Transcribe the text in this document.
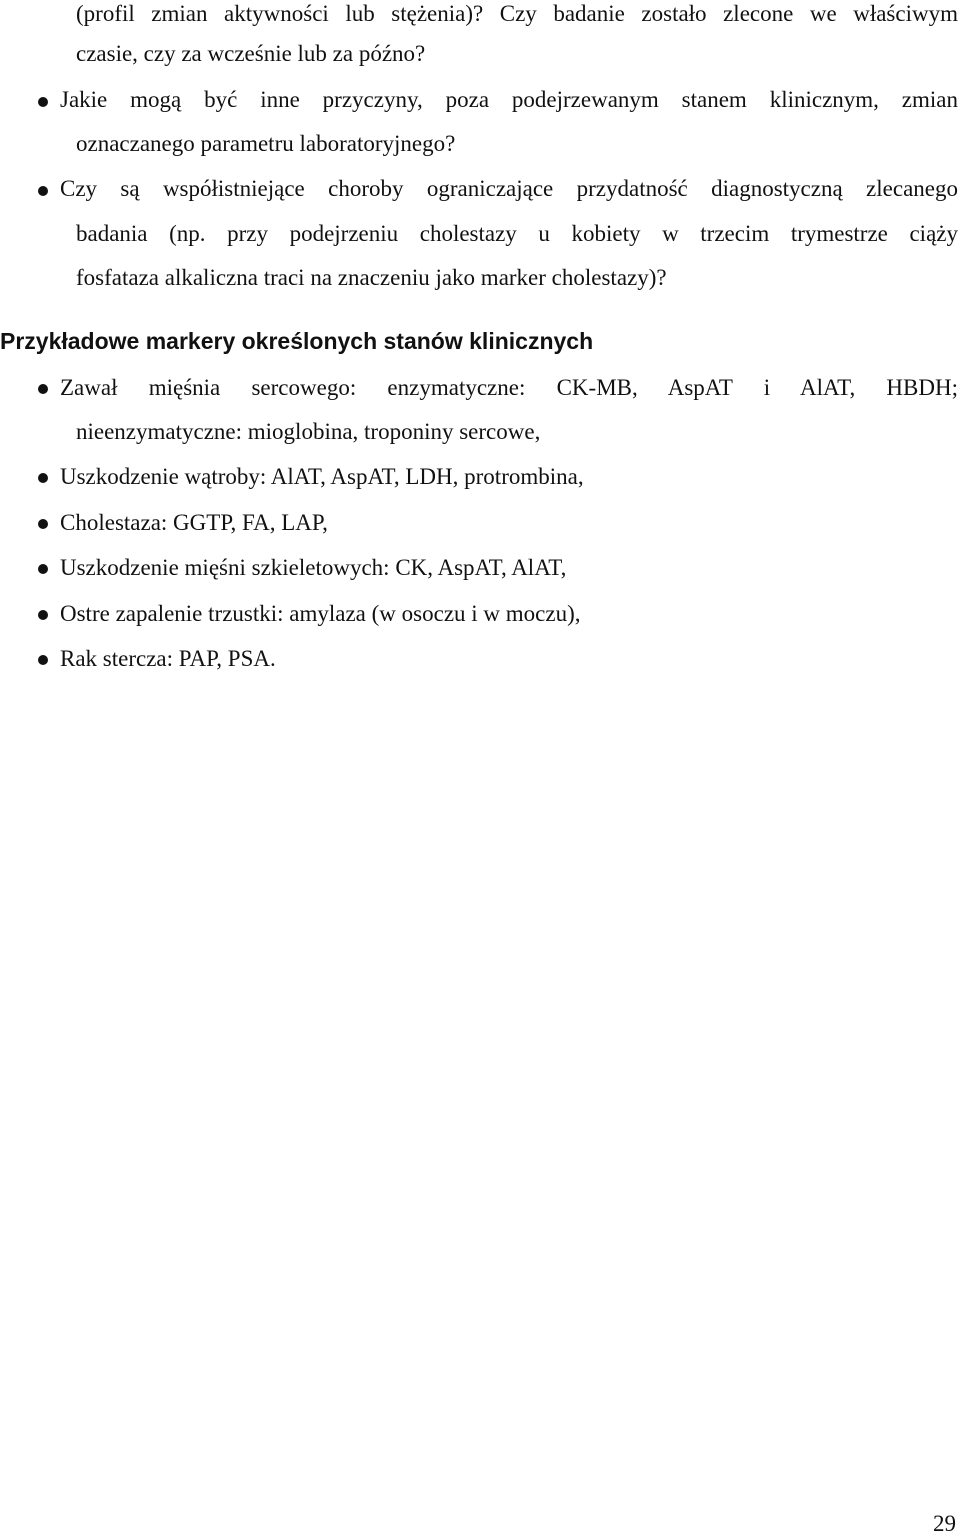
(profil zmian aktywności lub stężenia)? Czy badanie zostało zlecone we właściwym
czasie, czy za wcześnie lub za późno?
Jakie mogą być inne przyczyny, poza podejrzewanym stanem klinicznym, zmian
oznaczanego parametru laboratoryjnego?
Czy są współistniejące choroby ograniczające przydatność diagnostyczną zlecanego
badania (np. przy podejrzeniu cholestazy u kobiety w trzecim trymestrze ciąży
fosfataza alkaliczna traci na znaczeniu jako marker cholestazy)?
Przykładowe markery określonych stanów klinicznych
Zawał mięśnia sercowego: enzymatyczne: CK-MB, AspAT i AlAT, HBDH;
nieenzymatyczne: mioglobina, troponiny sercowe,
Uszkodzenie wątroby: AlAT, AspAT, LDH, protrombina,
Cholestaza: GGTP, FA, LAP,
Uszkodzenie mięśni szkieletowych: CK, AspAT, AlAT,
Ostre zapalenie trzustki: amylaza (w osoczu i w moczu),
Rak stercza: PAP, PSA.
29
